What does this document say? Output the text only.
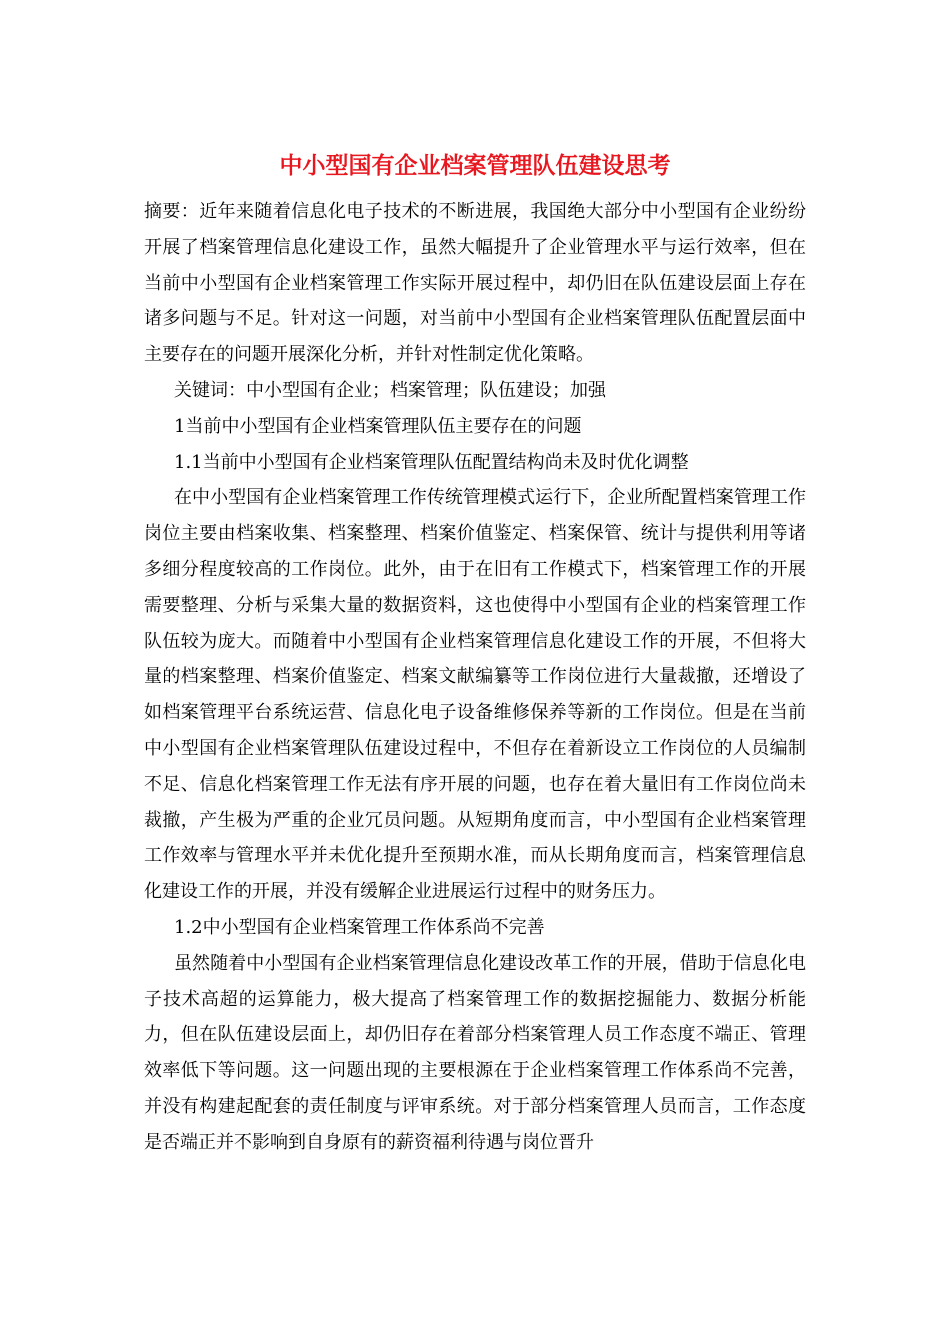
中小型国有企业档案管理队伍建设思考

摘要：近年来随着信息化电子技术的不断进展，我国绝大部分中小型国有企业纷纷开展了档案管理信息化建设工作，虽然大幅提升了企业管理水平与运行效率，但在当前中小型国有企业档案管理工作实际开展过程中，却仍旧在队伍建设层面上存在诸多问题与不足。针对这一问题，对当前中小型国有企业档案管理队伍配置层面中主要存在的问题开展深化分析，并针对性制定优化策略。

关键词：中小型国有企业；档案管理；队伍建设；加强

1当前中小型国有企业档案管理队伍主要存在的问题

1.1当前中小型国有企业档案管理队伍配置结构尚未及时优化调整

在中小型国有企业档案管理工作传统管理模式运行下，企业所配置档案管理工作岗位主要由档案收集、档案整理、档案价值鉴定、档案保管、统计与提供利用等诸多细分程度较高的工作岗位。此外，由于在旧有工作模式下，档案管理工作的开展需要整理、分析与采集大量的数据资料，这也使得中小型国有企业的档案管理工作队伍较为庞大。而随着中小型国有企业档案管理信息化建设工作的开展，不但将大量的档案整理、档案价值鉴定、档案文献编纂等工作岗位进行大量裁撤，还增设了如档案管理平台系统运营、信息化电子设备维修保养等新的工作岗位。但是在当前中小型国有企业档案管理队伍建设过程中，不但存在着新设立工作岗位的人员编制不足、信息化档案管理工作无法有序开展的问题，也存在着大量旧有工作岗位尚未裁撤，产生极为严重的企业冗员问题。从短期角度而言，中小型国有企业档案管理工作效率与管理水平并未优化提升至预期水准，而从长期角度而言，档案管理信息化建设工作的开展，并没有缓解企业进展运行过程中的财务压力。

1.2中小型国有企业档案管理工作体系尚不完善

虽然随着中小型国有企业档案管理信息化建设改革工作的开展，借助于信息化电子技术高超的运算能力，极大提高了档案管理工作的数据挖掘能力、数据分析能力，但在队伍建设层面上，却仍旧存在着部分档案管理人员工作态度不端正、管理效率低下等问题。这一问题出现的主要根源在于企业档案管理工作体系尚不完善，并没有构建起配套的责任制度与评审系统。对于部分档案管理人员而言，工作态度是否端正并不影响到自身原有的薪资福利待遇与岗位晋升
